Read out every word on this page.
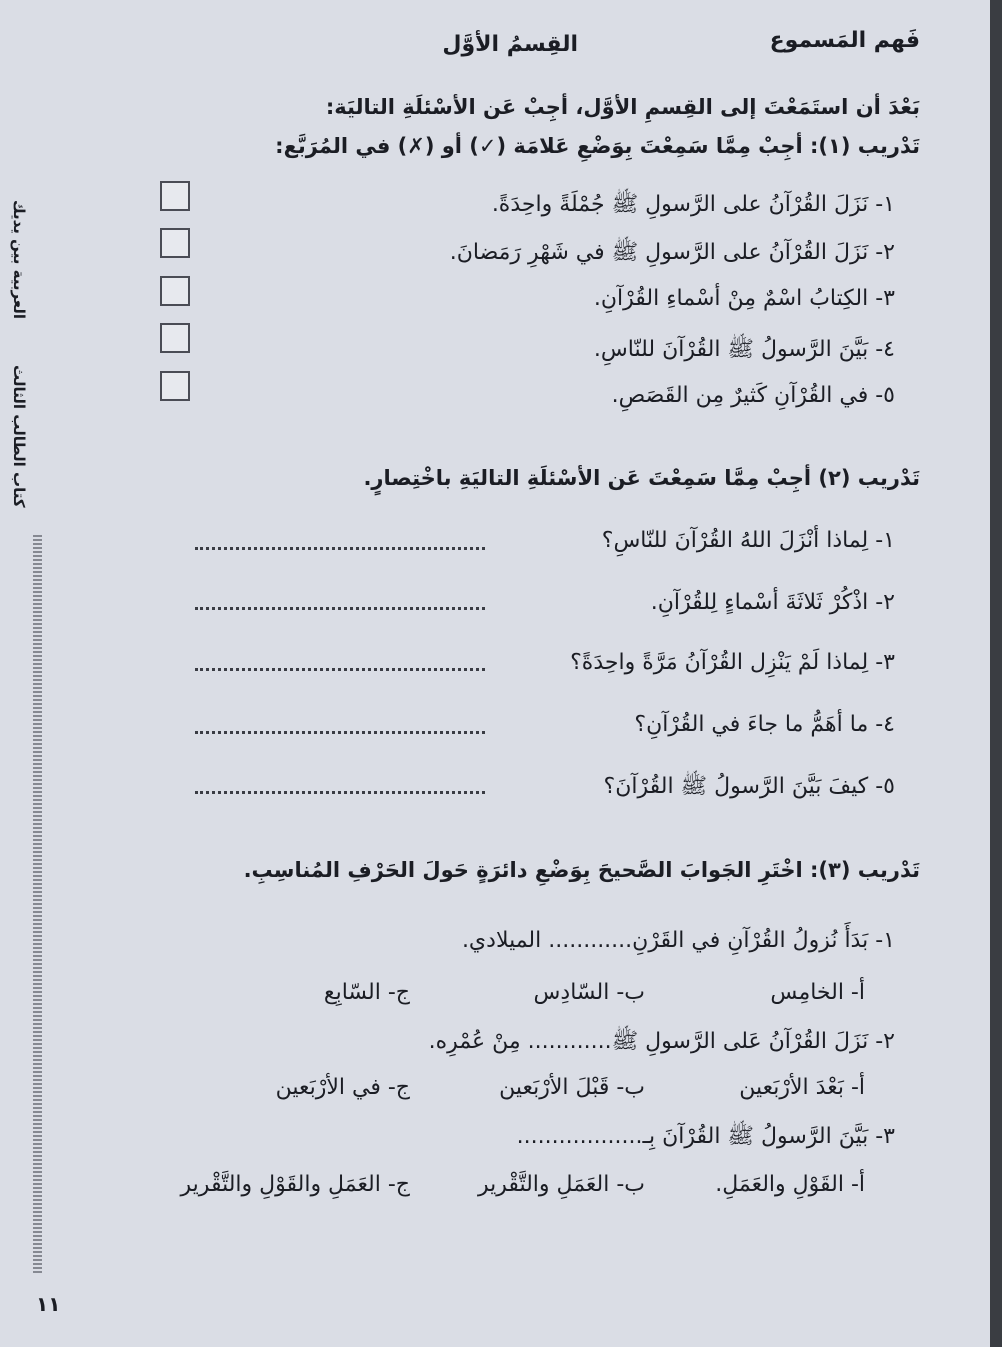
العربية بين يديك
كتاب الطالب الثالث
١١
فَهم المَسموع
القِسمُ الأوَّل
بَعْدَ أن استَمَعْتَ إلى القِسمِ الأوَّل، أجِبْ عَن الأسْئلَةِ التاليَة:
تَدْريب (١): أجِبْ مِمَّا سَمِعْتَ بِوَضْعِ عَلامَة (✓) أو (✗) في المُرَبَّع:
١- نَزَلَ القُرْآنُ على الرَّسولِ ﷺ جُمْلَةً واحِدَةً.
٢- نَزَلَ القُرْآنُ على الرَّسولِ ﷺ في شَهْرِ رَمَضانَ.
٣- الكِتابُ اسْمٌ مِنْ أسْماءِ القُرْآنِ.
٤- بَيَّنَ الرَّسولُ ﷺ القُرْآنَ للنّاسِ.
٥- في القُرْآنِ كَثيرٌ مِن القَصَصِ.
تَدْريب (٢) أجِبْ مِمَّا سَمِعْتَ عَن الأسْئلَةِ التاليَةِ باخْتِصارٍ.
١- لِماذا أنْزَلَ اللهُ القُرْآنَ للنّاسِ؟
٢- اذْكُرْ ثَلاثَةَ أسْماءٍ لِلقُرْآنِ.
٣- لِماذا لَمْ يَنْزِل القُرْآنُ مَرَّةً واحِدَةً؟
٤- ما أهَمُّ ما جاءَ في القُرْآنِ؟
٥- كيفَ بَيَّنَ الرَّسولُ ﷺ القُرْآنَ؟
تَدْريب (٣): اخْتَرِ الجَوابَ الصَّحيحَ بِوَضْعِ دائرَةٍ حَولَ الحَرْفِ المُناسِبِ.
١- بَدَأَ نُزولُ القُرْآنِ في القَرْنِ............ الميلادي.
أ- الخامِس
ب- السّادِس
ج- السّابِع
٢- نَزَلَ القُرْآنُ عَلى الرَّسولِ ﷺ............ مِنْ عُمْرِه.
أ- بَعْدَ الأرْبَعين
ب- قَبْلَ الأرْبَعين
ج- في الأرْبَعين
٣- بَيَّنَ الرَّسولُ ﷺ القُرْآنَ بِـ..................
أ- القَوْلِ والعَمَلِ.
ب- العَمَلِ والتَّقْرير
ج- العَمَلِ والقَوْلِ والتَّقْرير
